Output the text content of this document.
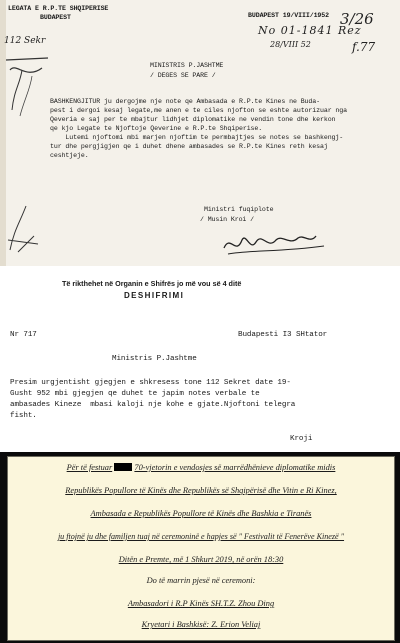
LEGATA E R.P.TE SHQIPERISE
BUDAPEST	BUDAPEST 19/VIII/1952
No 01-1841 Rez
28/VIII 52
3/26
f.77
112 Sekr
MINISTRIS P.JASHTME
/ DEGES SE PARE /
BASHKENGJITUR ju dergojme nje note qe Ambasada e R.P.te Kines ne Buda-
pest i dergoi kesaj legate,me anen e te ciles njofton se eshte autorizuar nga
Qeveria e saj per te mbajtur lidhjet diplomatike ne vendin tone dhe kerkon
qe kjo Legate te Njoftoje Qeverine e R.P.te Shqiperise.
Lutemi njoftomi mbi marjen njoftim te permbajtjes se notes se bashkengj-
tur dhe pergjigjen qe i duhet dhene ambasades se R.P.te Kines reth kesaj
ceshtjeje.
Ministri fuqiplote
/ Musin Kroi /
Ndalohet me axjerr kopje
Të rikthehet në Organin e Shifrës jo më vou së 4 ditë
DESHIFRIMI
Nr 717	Budapesti I3 SHtator
Ministris P.Jashtme
Presim urgjentisht gjegjen e shkresess tone 112 Sekret date 19-
Gusht 952 mbi gjegjen qe duhet te japim notes verbale te
ambasades Kineze  mbasi kaloji nje kohe e gjate.Njoftoni telegra
fisht.
Kroji
Për të festuar	70-vjetorin e vendosjes së marrëdhënieve diplomatike midis
Republikës Popullore të Kinës dhe Republikës së Shqipërisë dhe Vitin e Ri Kinez,
Ambasada e Republikës Popullore të Kinës dhe Bashkia e Tiranës
ju ftojnë ju dhe familjen tuaj në ceremoninë e hapjes së " Festivalit të Fenerëve Kinezë "
Ditën e Premte, më 1 Shkurt 2019, në orën 18:30
Do të marrin pjesë në ceremoni:
Ambasadori i R.P Kinës SH.T.Z. Zhou Ding
Kryetari i Bashkisë: Z. Erion Veliaj
